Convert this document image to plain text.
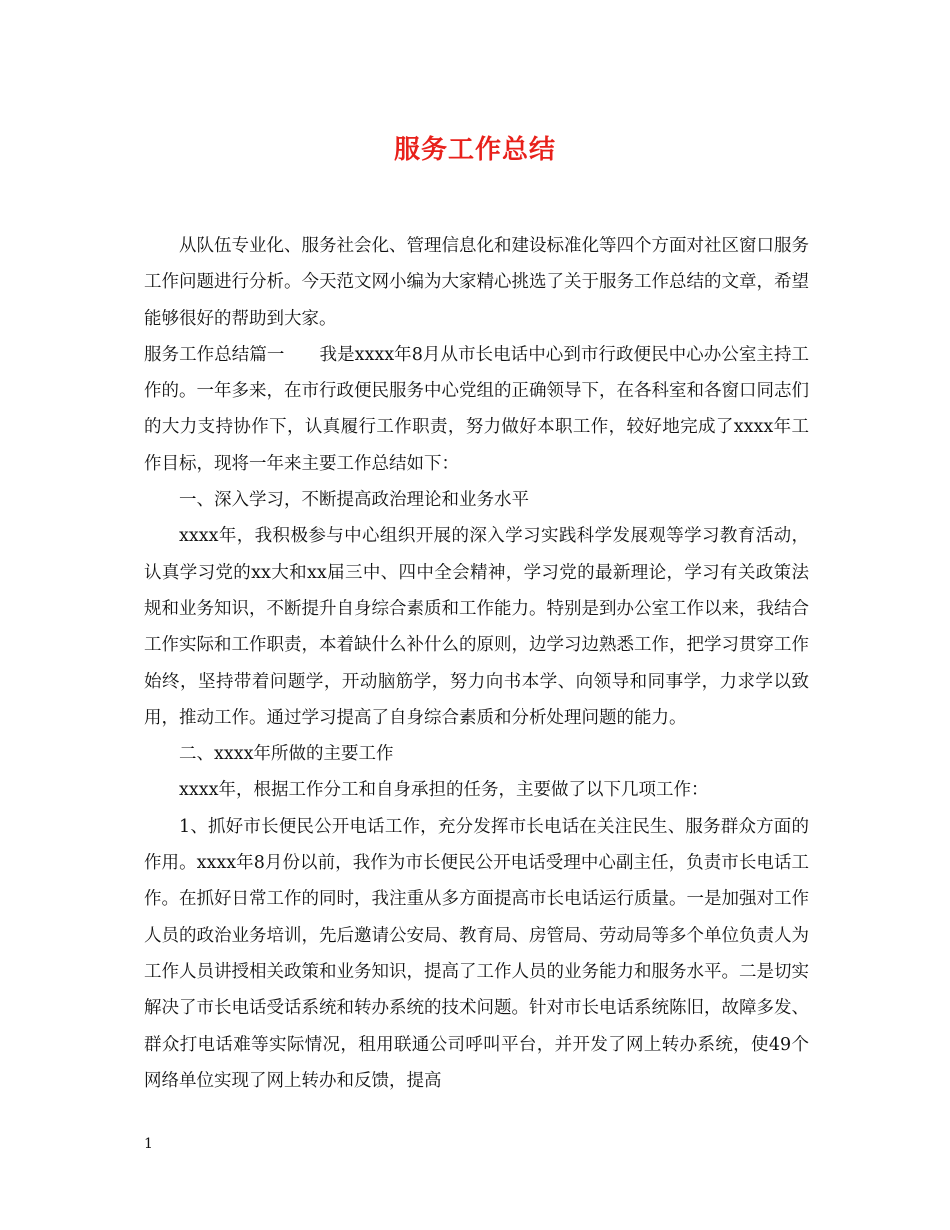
服务工作总结

从队伍专业化、服务社会化、管理信息化和建设标准化等四个方面对社区窗口服务工作问题进行分析。今天范文网小编为大家精心挑选了关于服务工作总结的文章，希望能够很好的帮助到大家。

服务工作总结篇一　　我是xxxx年8月从市长电话中心到市行政便民中心办公室主持工作的。一年多来，在市行政便民服务中心党组的正确领导下，在各科室和各窗口同志们的大力支持协作下，认真履行工作职责，努力做好本职工作，较好地完成了xxxx年工作目标，现将一年来主要工作总结如下：

一、深入学习，不断提高政治理论和业务水平

xxxx年，我积极参与中心组织开展的深入学习实践科学发展观等学习教育活动，认真学习党的xx大和xx届三中、四中全会精神，学习党的最新理论，学习有关政策法规和业务知识，不断提升自身综合素质和工作能力。特别是到办公室工作以来，我结合工作实际和工作职责，本着缺什么补什么的原则，边学习边熟悉工作，把学习贯穿工作始终，坚持带着问题学，开动脑筋学，努力向书本学、向领导和同事学，力求学以致用，推动工作。通过学习提高了自身综合素质和分析处理问题的能力。

二、xxxx年所做的主要工作

xxxx年，根据工作分工和自身承担的任务，主要做了以下几项工作：

1、抓好市长便民公开电话工作，充分发挥市长电话在关注民生、服务群众方面的作用。xxxx年8月份以前，我作为市长便民公开电话受理中心副主任，负责市长电话工作。在抓好日常工作的同时，我注重从多方面提高市长电话运行质量。一是加强对工作人员的政治业务培训，先后邀请公安局、教育局、房管局、劳动局等多个单位负责人为工作人员讲授相关政策和业务知识，提高了工作人员的业务能力和服务水平。二是切实解决了市长电话受话系统和转办系统的技术问题。针对市长电话系统陈旧，故障多发、群众打电话难等实际情况，租用联通公司呼叫平台，并开发了网上转办系统，使49个网络单位实现了网上转办和反馈，提高

1
